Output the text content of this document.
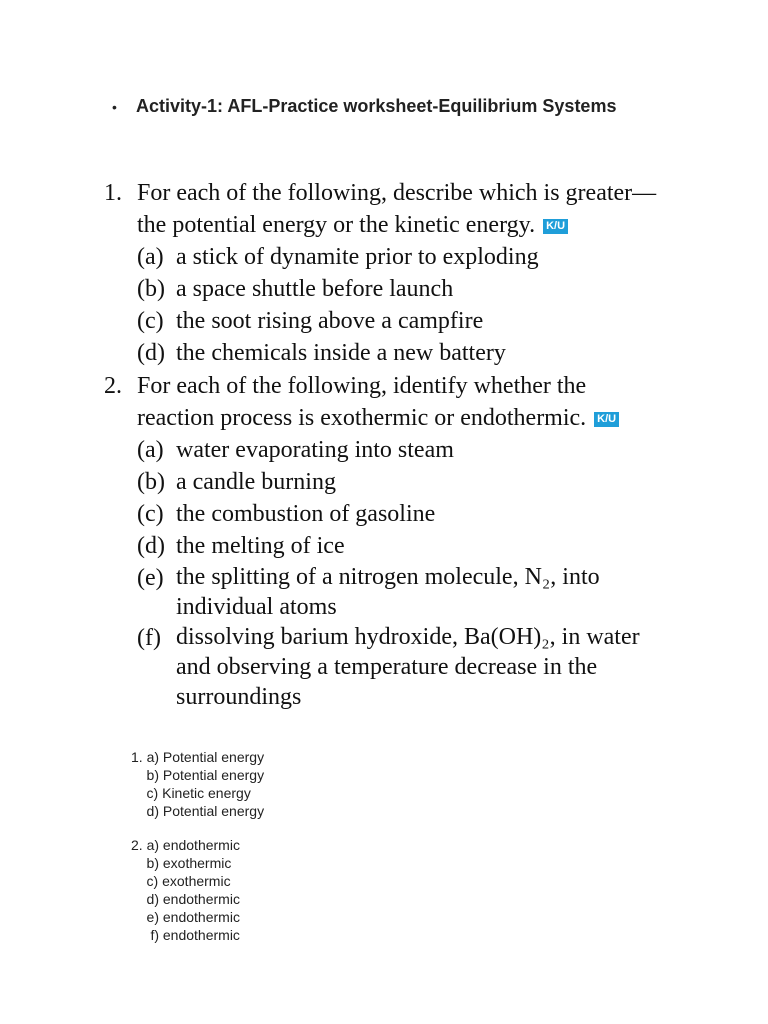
• Activity-1: AFL-Practice worksheet-Equilibrium Systems
1. For each of the following, describe which is greater—
the potential energy or the kinetic energy. K/U
(a) a stick of dynamite prior to exploding
(b) a space shuttle before launch
(c) the soot rising above a campfire
(d) the chemicals inside a new battery
2. For each of the following, identify whether the
reaction process is exothermic or endothermic. K/U
(a) water evaporating into steam
(b) a candle burning
(c) the combustion of gasoline
(d) the melting of ice
(e) the splitting of a nitrogen molecule, N₂, into
individual atoms
(f) dissolving barium hydroxide, Ba(OH)₂, in water
and observing a temperature decrease in the
surroundings
1. a) Potential energy
b) Potential energy
c) Kinetic energy
d) Potential energy
2. a) endothermic
b) exothermic
c) exothermic
d) endothermic
e) endothermic
f) endothermic
